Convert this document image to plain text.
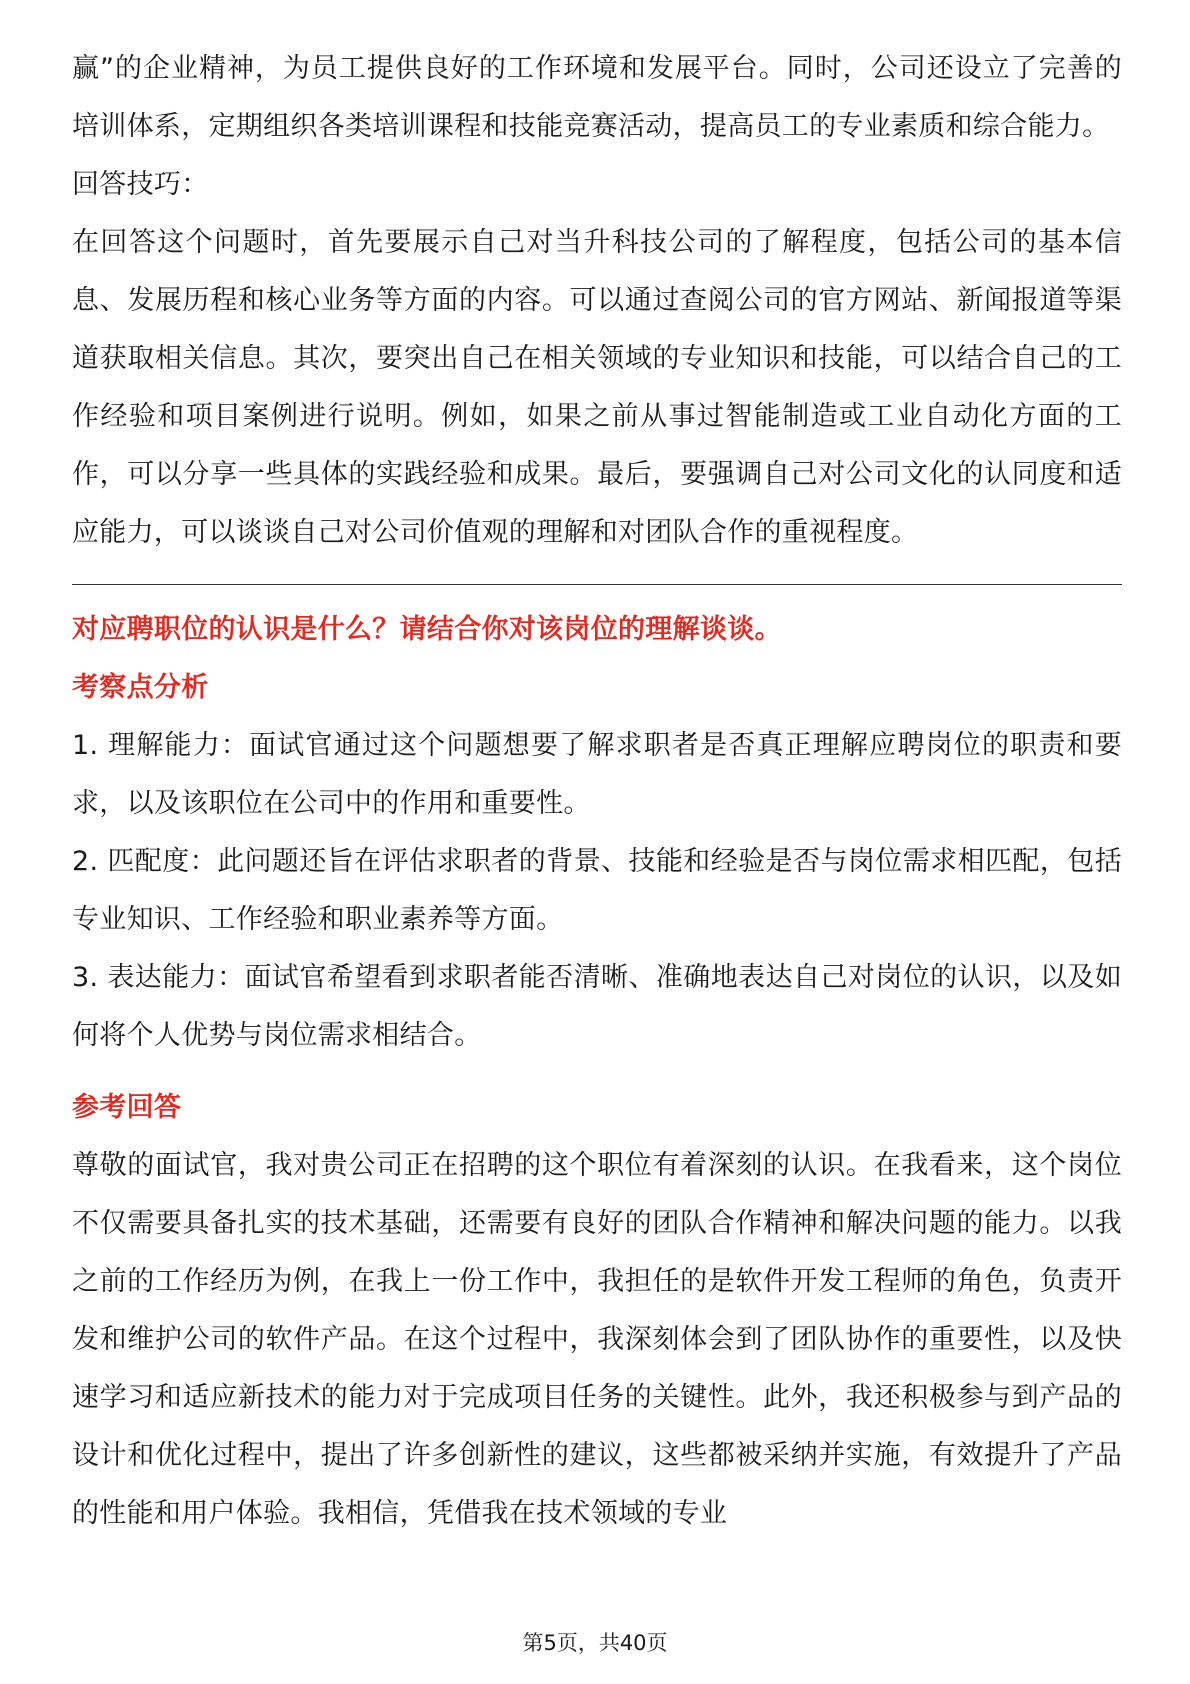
赢”的企业精神，为员工提供良好的工作环境和发展平台。同时，公司还设立了完善的培训体系，定期组织各类培训课程和技能竞赛活动，提高员工的专业素质和综合能力。

回答技巧：

在回答这个问题时，首先要展示自己对当升科技公司的了解程度，包括公司的基本信息、发展历程和核心业务等方面的内容。可以通过查阅公司的官方网站、新闻报道等渠道获取相关信息。其次，要突出自己在相关领域的专业知识和技能，可以结合自己的工作经验和项目案例进行说明。例如，如果之前从事过智能制造或工业自动化方面的工作，可以分享一些具体的实践经验和成果。最后，要强调自己对公司文化的认同度和适应能力，可以谈谈自己对公司价值观的理解和对团队合作的重视程度。

对应聘职位的认识是什么？请结合你对该岗位的理解谈谈。

考察点分析

1. 理解能力：面试官通过这个问题想要了解求职者是否真正理解应聘岗位的职责和要求，以及该职位在公司中的作用和重要性。

2. 匹配度：此问题还旨在评估求职者的背景、技能和经验是否与岗位需求相匹配，包括专业知识、工作经验和职业素养等方面。

3. 表达能力：面试官希望看到求职者能否清晰、准确地表达自己对岗位的认识，以及如何将个人优势与岗位需求相结合。

参考回答

尊敬的面试官，我对贵公司正在招聘的这个职位有着深刻的认识。在我看来，这个岗位不仅需要具备扎实的技术基础，还需要有良好的团队合作精神和解决问题的能力。以我之前的工作经历为例，在我上一份工作中，我担任的是软件开发工程师的角色，负责开发和维护公司的软件产品。在这个过程中，我深刻体会到了团队协作的重要性，以及快速学习和适应新技术的能力对于完成项目任务的关键性。此外，我还积极参与到产品的设计和优化过程中，提出了许多创新性的建议，这些都被采纳并实施，有效提升了产品的性能和用户体验。我相信，凭借我在技术领域的专业

第5页，共40页
